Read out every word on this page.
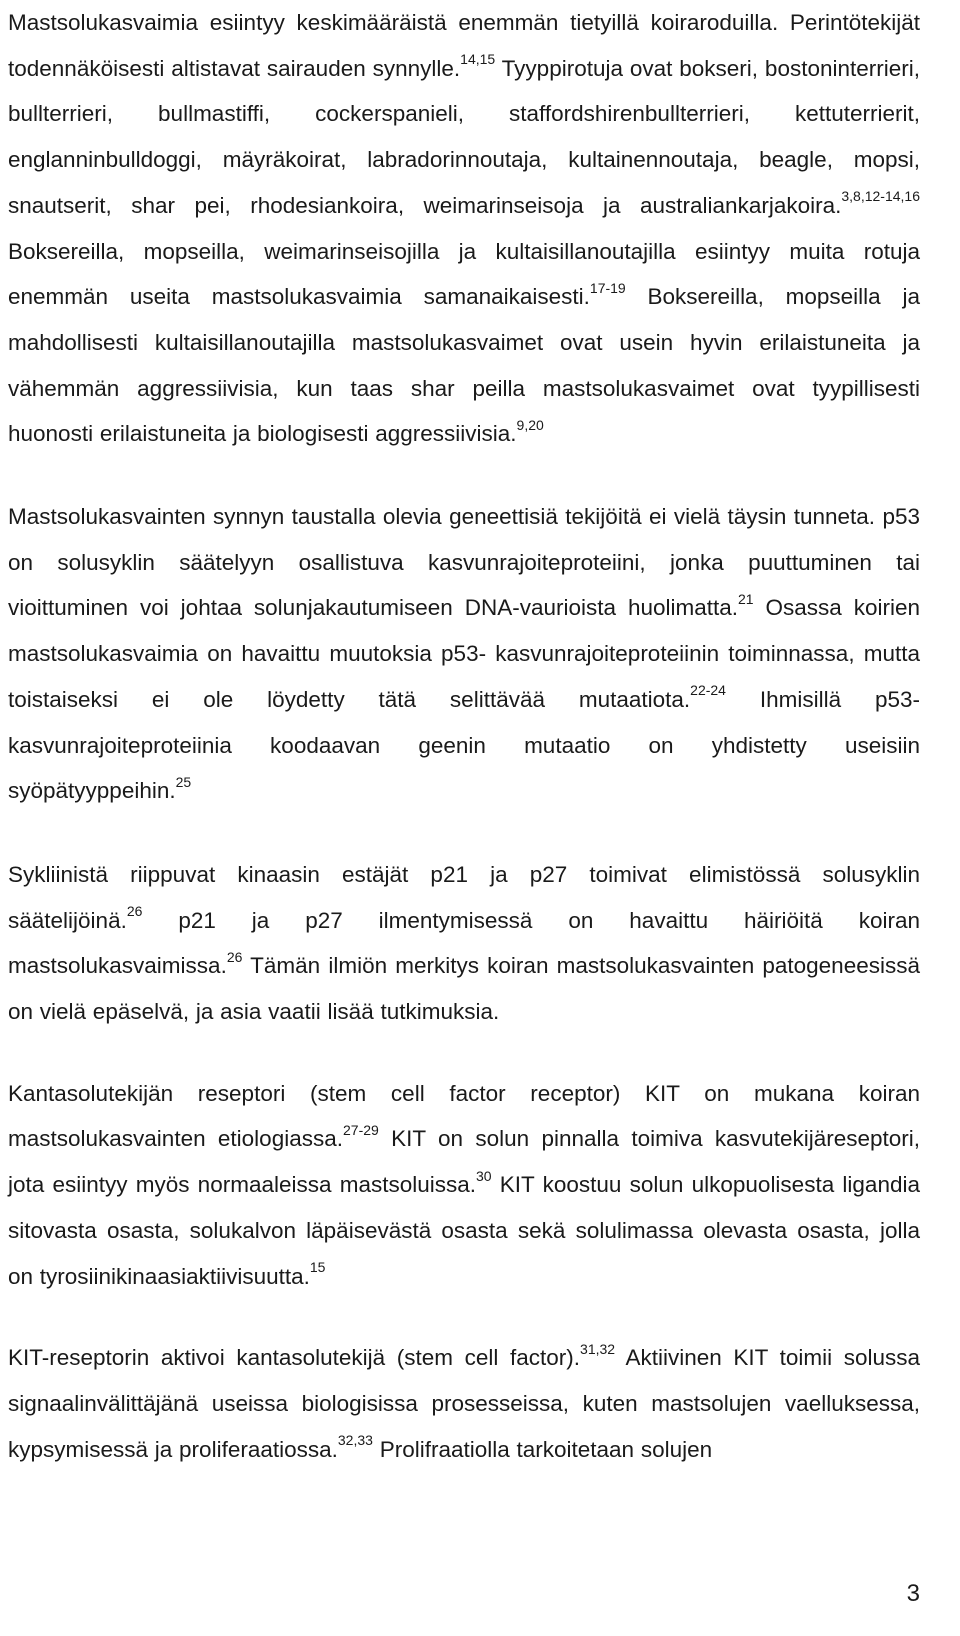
Mastsolukasvaimia esiintyy keskimääräistä enemmän tietyillä koiraroduilla. Perintötekijät todennäköisesti altistavat sairauden synnylle.$^{14,15}$ Tyyppirotuja ovat bokseri, bostoninterrieri, bullterrieri, bullmastiffi, cockerspanieli, staffordshirenbullterrieri, kettuterrierit, englanninbulldoggi, mäyräkoirat, labradorinnoutaja, kultainennoutaja, beagle, mopsi, snautserit, shar pei, rhodesiankoira, weimarinseisoja ja australiankarjakoira.$^{3,8,12-14,16}$ Boksereilla, mopseilla, weimarinseisojilla ja kultaisillanoutajilla esiintyy muita rotuja enemmän useita mastsolukasvaimia samanaikaisesti.$^{17-19}$ Boksereilla, mopseilla ja mahdollisesti kultaisillanoutajilla mastsolukasvaimet ovat usein hyvin erilaistuneita ja vähemmän aggressiivisia, kun taas shar peilla mastsolukasvaimet ovat tyypillisesti huonosti erilaistuneita ja biologisesti aggressiivisia.$^{9,20}$

Mastsolukasvainten synnyn taustalla olevia geneettisiä tekijöitä ei vielä täysin tunneta. p53 on solusyklin säätelyyn osallistuva kasvunrajoiteproteiini, jonka puuttuminen tai vioittuminen voi johtaa solunjakautumiseen DNA-vaurioista huolimatta.$^{21}$ Osassa koirien mastsolukasvaimia on havaittu muutoksia p53- kasvunrajoiteproteiinin toiminnassa, mutta toistaiseksi ei ole löydetty tätä selittävää mutaatiota.$^{22-24}$ Ihmisillä p53- kasvunrajoiteproteiinia koodaavan geenin mutaatio on yhdistetty useisiin syöpätyyppeihin.$^{25}$

Sykliinistä riippuvat kinaasin estäjät p21 ja p27 toimivat elimistössä solusyklin säätelijöinä.$^{26}$ p21 ja p27 ilmentymisessä on havaittu häiriöitä koiran mastsolukasvaimissa.$^{26}$ Tämän ilmiön merkitys koiran mastsolukasvainten patogeneesissä on vielä epäselvä, ja asia vaatii lisää tutkimuksia.

Kantasolutekijän reseptori (stem cell factor receptor) KIT on mukana koiran mastsolukasvainten etiologiassa.$^{27-29}$ KIT on solun pinnalla toimiva kasvutekijäreseptori, jota esiintyy myös normaaleissa mastsoluissa.$^{30}$ KIT koostuu solun ulkopuolisesta ligandia sitovasta osasta, solukalvon läpäisevästä osasta sekä solulimassa olevasta osasta, jolla on tyrosiinikinaasiaktiivisuutta.$^{15}$

KIT-reseptorin aktivoi kantasolutekijä (stem cell factor).$^{31,32}$ Aktiivinen KIT toimii solussa signaalinvälittäjänä useissa biologisissa prosesseissa, kuten mastsolujen vaelluksessa, kypsymisessä ja proliferaatiossa.$^{32,33}$ Prolifraatiolla tarkoitetaan solujen

3
